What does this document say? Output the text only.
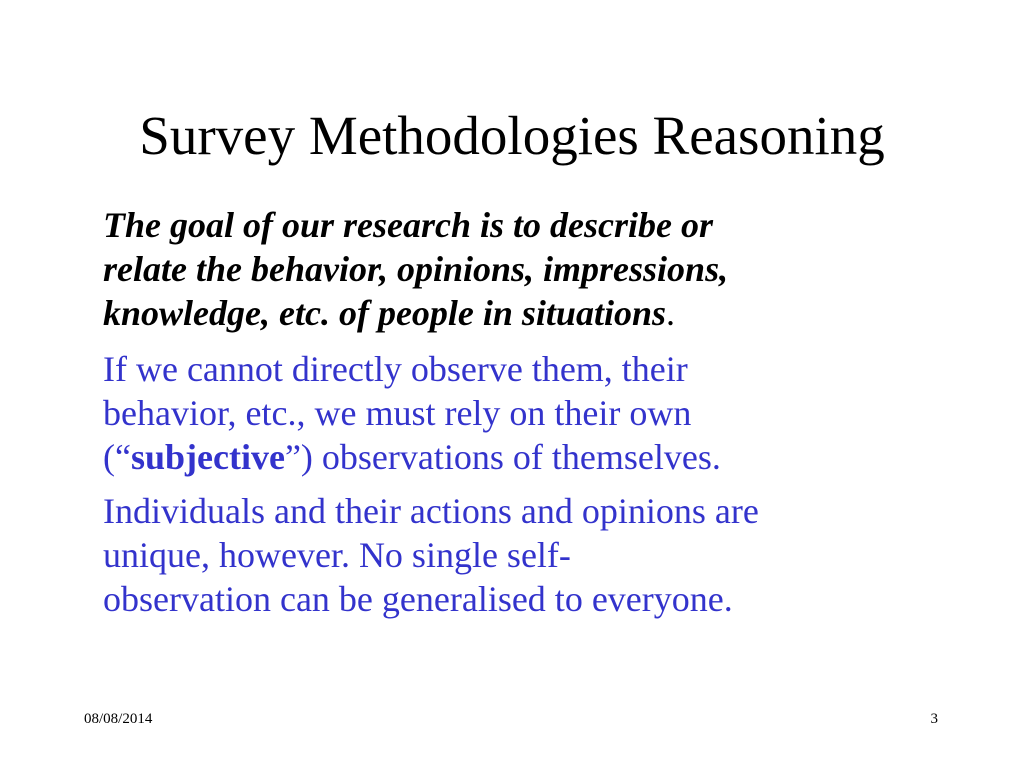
Survey Methodologies Reasoning
The goal of our research is to describe or
relate the behavior, opinions, impressions,
knowledge, etc. of people in situations.
If we cannot directly observe them, their
behavior, etc., we must rely on their own
(“subjective”) observations of themselves.
Individuals and their actions and opinions are
unique, however. No single self-
observation can be generalised to everyone.
08/08/2014	3
